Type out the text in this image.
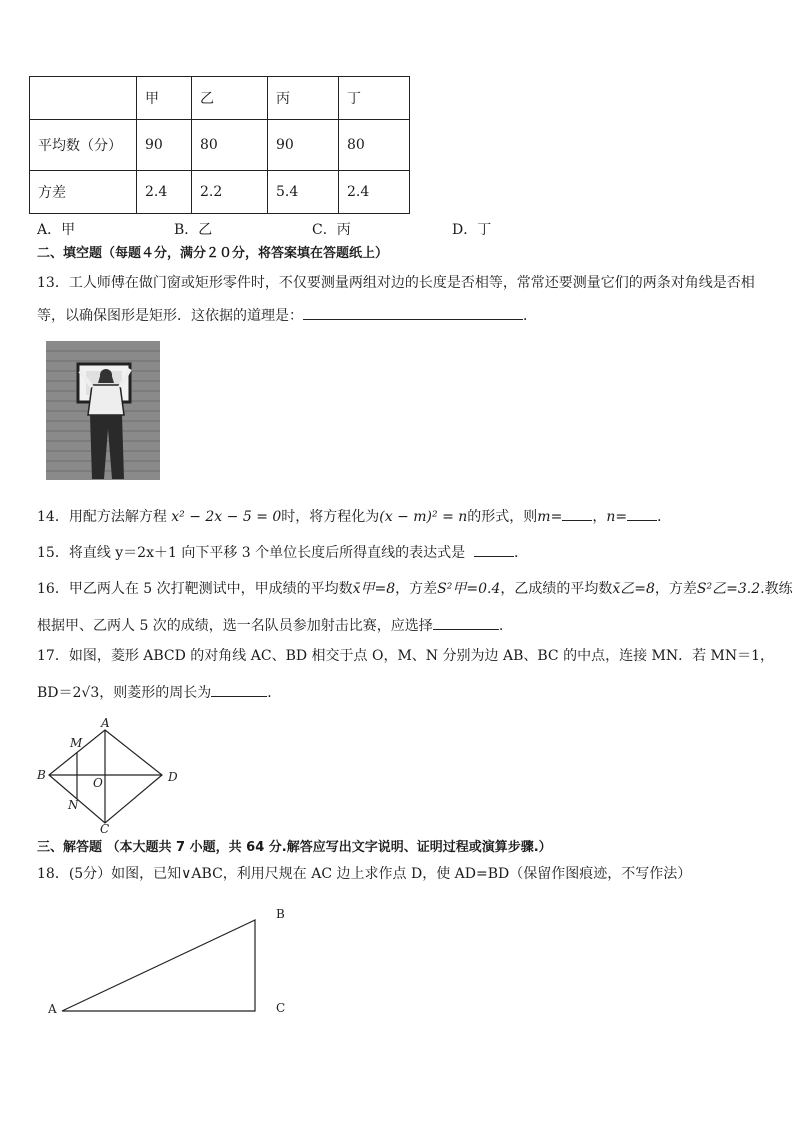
	甲	乙	丙	丁
平均数（分）	90	80	90	80
方差	2.4	2.2	5.4	2.4
A．甲	B．乙	C．丙	D．丁
二、填空题（每题４分，满分２０分，将答案填在答题纸上）
13．工人师傅在做门窗或矩形零件时，不仅要测量两组对边的长度是否相等，常常还要测量它们的两条对角线是否相
等，以确保图形是矩形．这依据的道理是：	．
14．用配方法解方程 x² − 2x − 5 = 0时，将方程化为(x − m)² = n的形式，则m= ，n= ．
15．将直线 y＝2x＋1 向下平移 3 个单位长度后所得直线的表达式是	．
16．甲乙两人在 5 次打靶测试中，甲成绩的平均数x̄甲=8，方差S²甲=0.4，乙成绩的平均数x̄乙=8，方差S²乙=3.2.教练
根据甲、乙两人 5 次的成绩，选一名队员参加射击比赛，应选择	.
17．如图，菱形 ABCD 的对角线 AC、BD 相交于点 O，M、N 分别为边 AB、BC 的中点，连接 MN．若 MN＝1，
BD＝2√3，则菱形的周长为	．
A
B
C
D
M
N
O
三、解答题 （本大题共 7 小题，共 64 分.解答应写出文字说明、证明过程或演算步骤.）
18．(5分）如图，已知∨ABC，利用尺规在 AC 边上求作点 D，使 AD=BD（保留作图痕迹，不写作法）
A
B
C
